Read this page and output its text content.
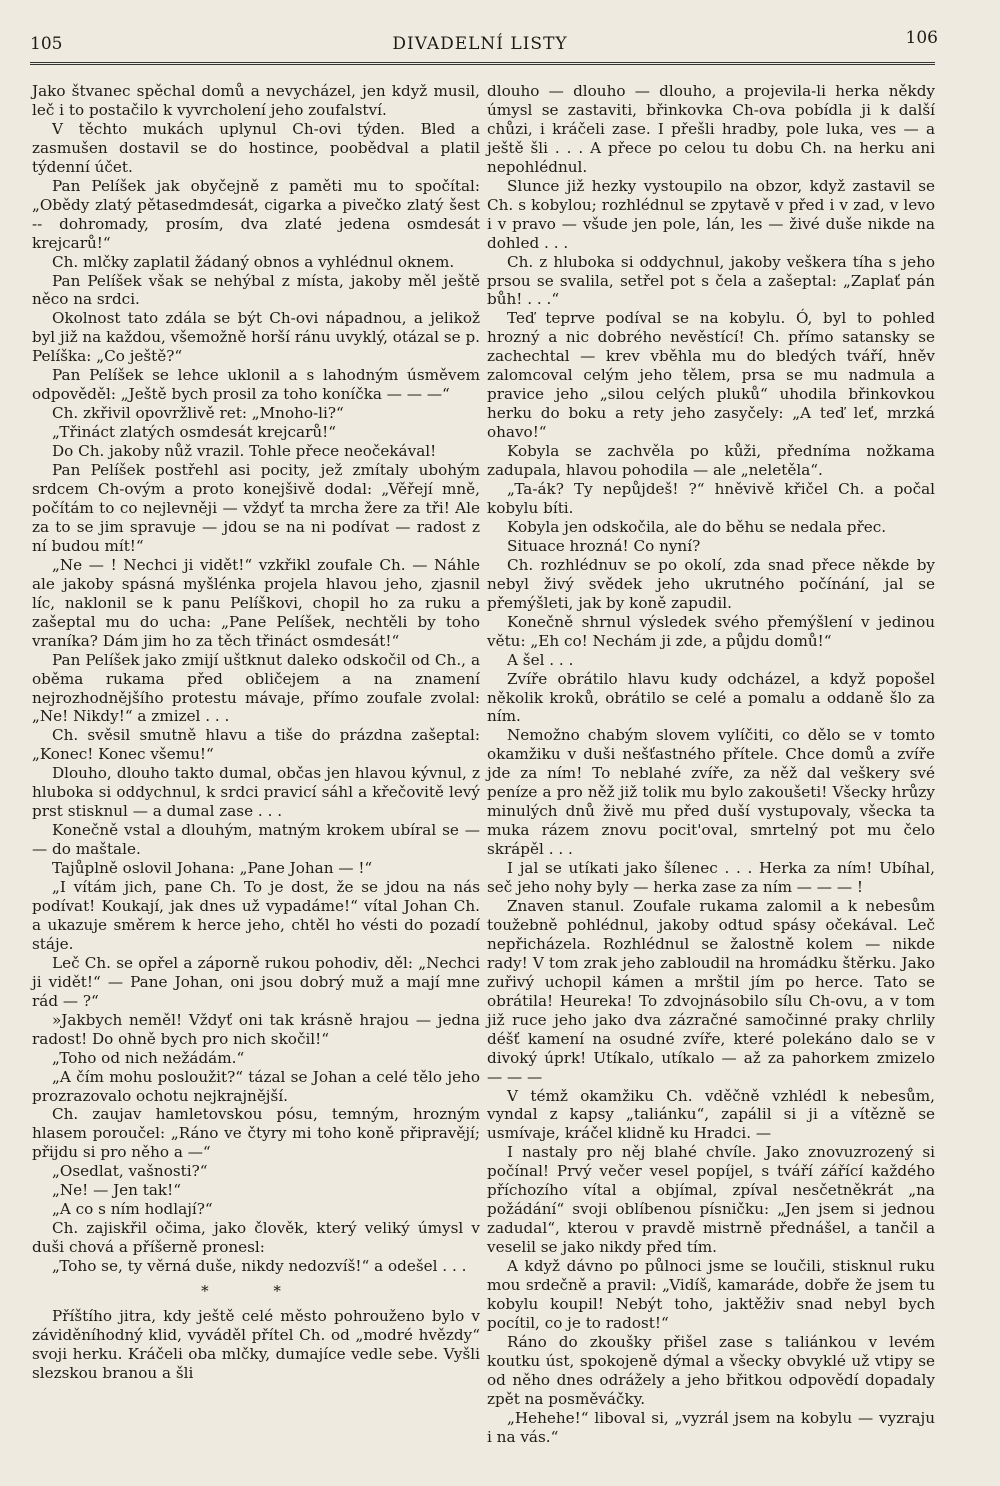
105	DIVADELNÍ LISTY	106

Jako štvanec spěchal domů a nevycházel, jen když musil, leč i to postačilo k vyvrcholení jeho zoufalství.

V těchto mukách uplynul Ch-ovi týden. Bled a zasmušen dostavil se do hostince, poobědval a platil týdenní účet.

Pan Pelíšek jak obyčejně z paměti mu to spočítal: „Obědy zlatý pětasedmdesát, cigarka a pivečko zlatý šest -- dohromady, prosím, dva zlaté jedena osmdesát krejcarů!“

Ch. mlčky zaplatil žádaný obnos a vyhlédnul oknem.

Pan Pelíšek však se nehýbal z místa, jakoby měl ještě něco na srdci.

Okolnost tato zdála se být Ch-ovi nápadnou, a jelikož byl již na každou, všemožně horší ránu uvyklý, otázal se p. Pelíška: „Co ještě?“

Pan Pelíšek se lehce uklonil a s lahodným úsměvem odpověděl: „Ještě bych prosil za toho koníčka — — —“

Ch. zkřivil opovržlivě ret: „Mnoho-li?“

„Třináct zlatých osmdesát krejcarů!“

Do Ch. jakoby nůž vrazil. Tohle přece neočekával!

Pan Pelíšek postřehl asi pocity, jež zmítaly ubohým srdcem Ch-ovým a proto konejšivě dodal: „Věřejí mně, počítám to co nejlevněji — vždyť ta mrcha žere za tři! Ale za to se jim spravuje — jdou se na ni podívat — radost z ní budou mít!“

„Ne — ! Nechci ji vidět!“ vzkřikl zoufale Ch. — Náhle ale jakoby spásná myšlénka projela hlavou jeho, zjasnil líc, naklonil se k panu Pelíškovi, chopil ho za ruku a zašeptal mu do ucha: „Pane Pelíšek, nechtěli by toho vraníka? Dám jim ho za těch třináct osmdesát!“

Pan Pelíšek jako zmijí uštknut daleko odskočil od Ch., a oběma rukama před obličejem a na znamení nejrozhodnějšího protestu mávaje, přímo zoufale zvolal: „Ne! Nikdy!“ a zmizel . . .

Ch. svěsil smutně hlavu a tiše do prázdna zašeptal: „Konec! Konec všemu!“

Dlouho, dlouho takto dumal, občas jen hlavou kývnul, z hluboka si oddychnul, k srdci pravicí sáhl a křečovitě levý prst stisknul — a dumal zase . . .

Konečně vstal a dlouhým, matným krokem ubíral se — — do maštale.

Tajůplně oslovil Johana: „Pane Johan — !“

„I vítám jich, pane Ch. To je dost, že se jdou na nás podívat! Koukají, jak dnes už vypadáme!“ vítal Johan Ch. a ukazuje směrem k herce jeho, chtěl ho vésti do pozadí stáje.

Leč Ch. se opřel a záporně rukou pohodiv, děl: „Nechci ji vidět!“ — Pane Johan, oni jsou dobrý muž a mají mne rád — ?“

»Jakbych neměl! Vždyť oni tak krásně hrajou — jedna radost! Do ohně bych pro nich skočil!“

„Toho od nich nežádám.“

„A čím mohu posloužit?“ tázal se Johan a celé tělo jeho prozrazovalo ochotu nejkrajnější.

Ch. zaujav hamletovskou pósu, temným, hrozným hlasem poroučel: „Ráno ve čtyry mi toho koně připravějí; přijdu si pro něho a —“

„Osedlat, vašnosti?“

„Ne! — Jen tak!“

„A co s ním hodlají?“

Ch. zajiskřil očima, jako člověk, který veliký úmysl v duši chová a příšerně pronesl:

„Toho se, ty věrná duše, nikdy nedozvíš!“ a odešel . . .

* *

Příštího jitra, kdy ještě celé město pohrouženo bylo v záviděníhodný klid, vyváděl přítel Ch. od „modré hvězdy“ svoji herku. Kráčeli oba mlčky, dumajíce vedle sebe. Vyšli slezskou branou a šli

dlouho — dlouho — dlouho, a projevila-li herka někdy úmysl se zastaviti, břinkovka Ch-ova pobídla ji k další chůzi, i kráčeli zase. I přešli hradby, pole luka, ves — a ještě šli . . . A přece po celou tu dobu Ch. na herku ani nepohlédnul.

Slunce již hezky vystoupilo na obzor, když zastavil se Ch. s kobylou; rozhlédnul se zpytavě v před i v zad, v levo i v pravo — všude jen pole, lán, les — živé duše nikde na dohled . . .

Ch. z hluboka si oddychnul, jakoby veškera tíha s jeho prsou se svalila, setřel pot s čela a zašeptal: „Zaplať pán bůh! . . .“

Teď teprve podíval se na kobylu. Ó, byl to pohled hrozný a nic dobrého nevěstící! Ch. přímo satansky se zachechtal — krev vběhla mu do bledých tváří, hněv zalomcoval celým jeho tělem, prsa se mu nadmula a pravice jeho „silou celých pluků“ uhodila břinkovkou herku do boku a rety jeho zasyčely: „A teď leť, mrzká ohavo!“

Kobyla se zachvěla po kůži, předníma nožkama zadupala, hlavou pohodila — ale „neletěla“.

„Ta-ák? Ty nepůjdeš! ?“ hněvivě křičel Ch. a počal kobylu bíti.

Kobyla jen odskočila, ale do běhu se nedala přec.

Situace hrozná! Co nyní?

Ch. rozhlédnuv se po okolí, zda snad přece někde by nebyl živý svědek jeho ukrutného počínání, jal se přemýšleti, jak by koně zapudil.

Konečně shrnul výsledek svého přemýšlení v jedinou větu: „Eh co! Nechám ji zde, a půjdu domů!“

A šel . . .

Zvíře obrátilo hlavu kudy odcházel, a když popošel několik kroků, obrátilo se celé a pomalu a oddaně šlo za ním.

Nemožno chabým slovem vylíčiti, co dělo se v tomto okamžiku v duši nešťastného přítele. Chce domů a zvíře jde za ním! To neblahé zvíře, za něž dal veškery své peníze a pro něž již tolik mu bylo zakoušeti! Všecky hrůzy minulých dnů živě mu před duší vystupovaly, všecka ta muka rázem znovu pocit'oval, smrtelný pot mu čelo skrápěl . . .

I jal se utíkati jako šílenec . . . Herka za ním! Ubíhal, seč jeho nohy byly — herka zase za ním — — — !

Znaven stanul. Zoufale rukama zalomil a k nebesům toužebně pohlédnul, jakoby odtud spásy očekával. Leč nepřicházela. Rozhlédnul se žalostně kolem — nikde rady! V tom zrak jeho zabloudil na hromádku štěrku. Jako zuřivý uchopil kámen a mrštil jím po herce. Tato se obrátila! Heureka! To zdvojnásobilo sílu Ch-ovu, a v tom již ruce jeho jako dva zázračné samočinné praky chrlily déšť kamení na osudné zvíře, které polekáno dalo se v divoký úprk! Utíkalo, utíkalo — až za pahorkem zmizelo — — —

V témž okamžiku Ch. vděčně vzhlédl k nebesům, vyndal z kapsy „taliánku“, zapálil si ji a vítězně se usmívaje, kráčel klidně ku Hradci. —

I nastaly pro něj blahé chvíle. Jako znovuzrozený si počínal! Prvý večer vesel popíjel, s tváří zářící každého příchozího vítal a objímal, zpíval nesčetněkrát „na požádání“ svoji oblíbenou písničku: „Jen jsem si jednou zadudal“, kterou v pravdě mistrně přednášel, a tančil a veselil se jako nikdy před tím.

A když dávno po půlnoci jsme se loučili, stisknul ruku mou srdečně a pravil: „Vidíš, kamaráde, dobře že jsem tu kobylu koupil! Nebýt toho, jaktěživ snad nebyl bych pocítil, co je to radost!“

Ráno do zkoušky přišel zase s taliánkou v levém koutku úst, spokojeně dýmal a všecky obvyklé už vtipy se od něho dnes odrážely a jeho břitkou odpovědí dopadaly zpět na posměváčky.

„Hehehe!“ liboval si, „vyzrál jsem na kobylu — vyzraju i na vás.“
